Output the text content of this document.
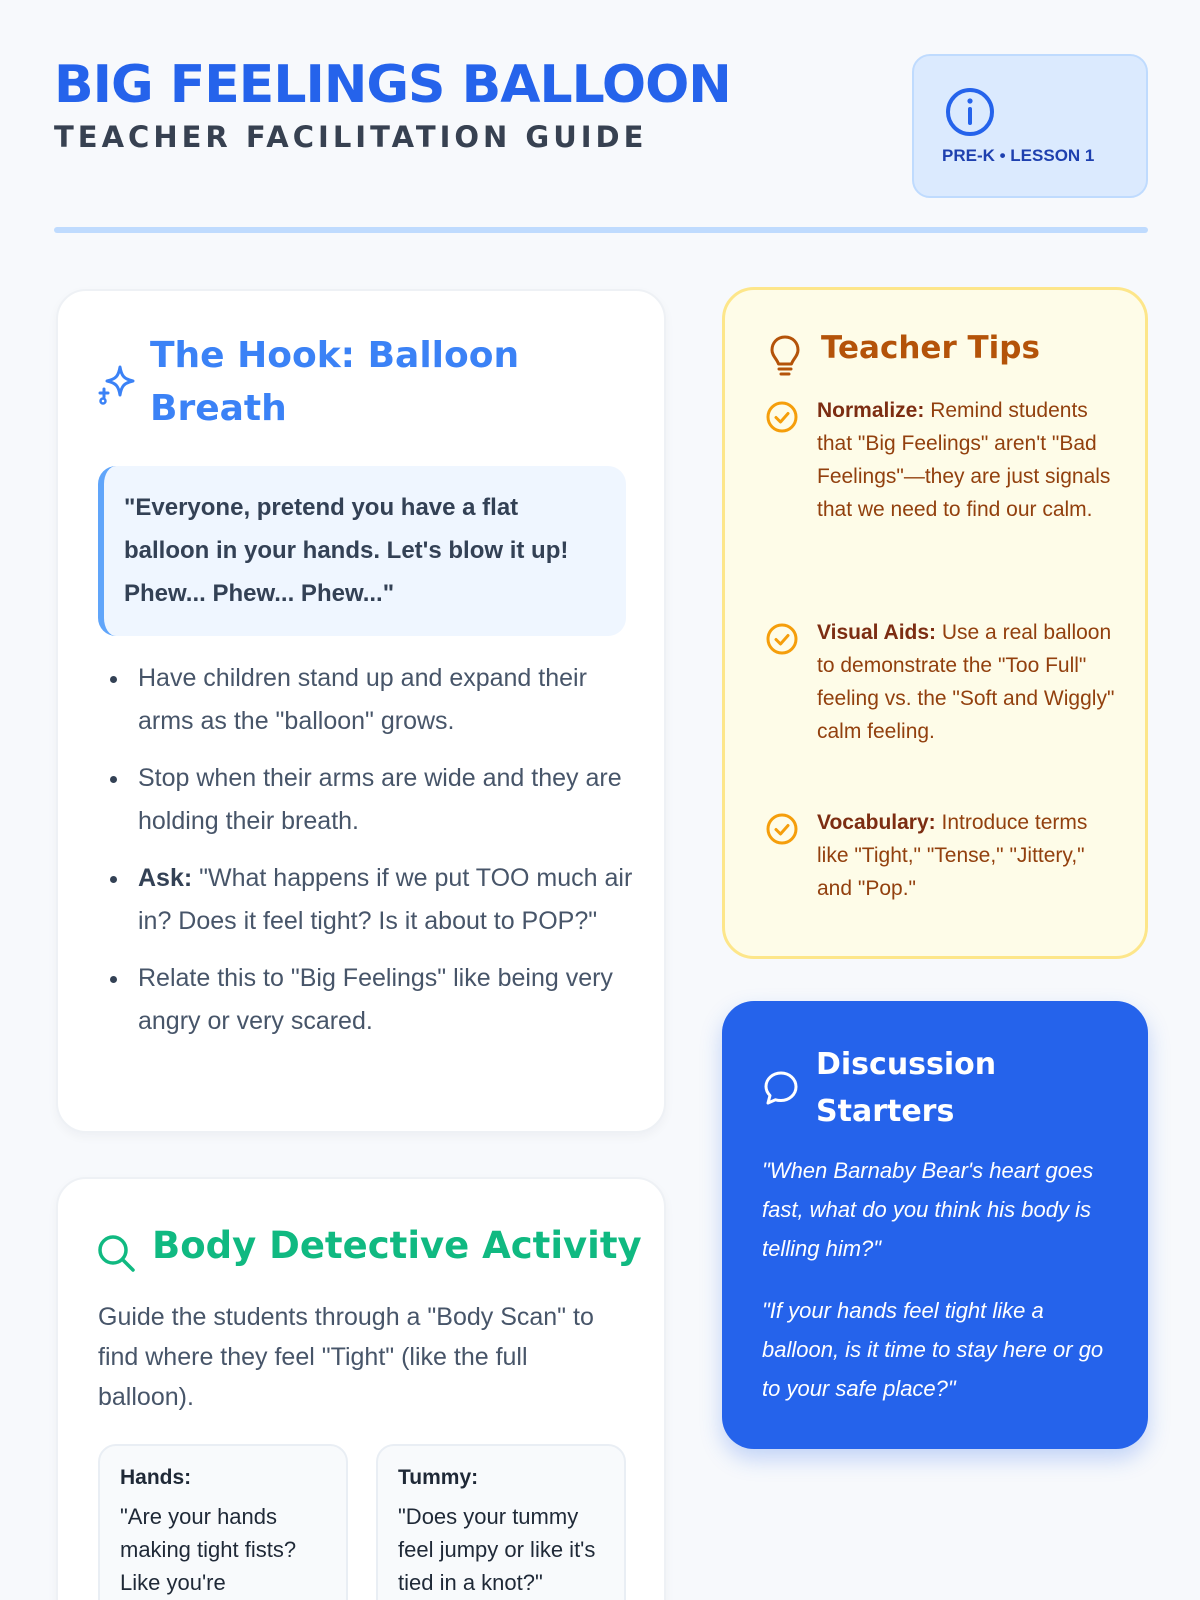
BIG FEELINGS BALLOON
TEACHER FACILITATION GUIDE
PRE-K • LESSON 1
The Hook: Balloon Breath
"Everyone, pretend you have a flat balloon in your hands. Let's blow it up! Phew... Phew... Phew..."
Have children stand up and expand their arms as the "balloon" grows.
Stop when their arms are wide and they are holding their breath.
Ask: "What happens if we put TOO much air in? Does it feel tight? Is it about to POP?"
Relate this to "Big Feelings" like being very angry or very scared.
Body Detective Activity
Guide the students through a "Body Scan" to find where they feel "Tight" (like the full balloon).
Hands:
"Are your hands making tight fists? Like you're
Tummy:
"Does your tummy feel jumpy or like it's tied in a knot?"
Teacher Tips
Normalize: Remind students that "Big Feelings" aren't "Bad Feelings"—they are just signals that we need to find our calm.
Visual Aids: Use a real balloon to demonstrate the "Too Full" feeling vs. the "Soft and Wiggly" calm feeling.
Vocabulary: Introduce terms like "Tight," "Tense," "Jittery," and "Pop."
Discussion Starters
"When Barnaby Bear's heart goes fast, what do you think his body is telling him?"
"If your hands feel tight like a balloon, is it time to stay here or go to your safe place?"
